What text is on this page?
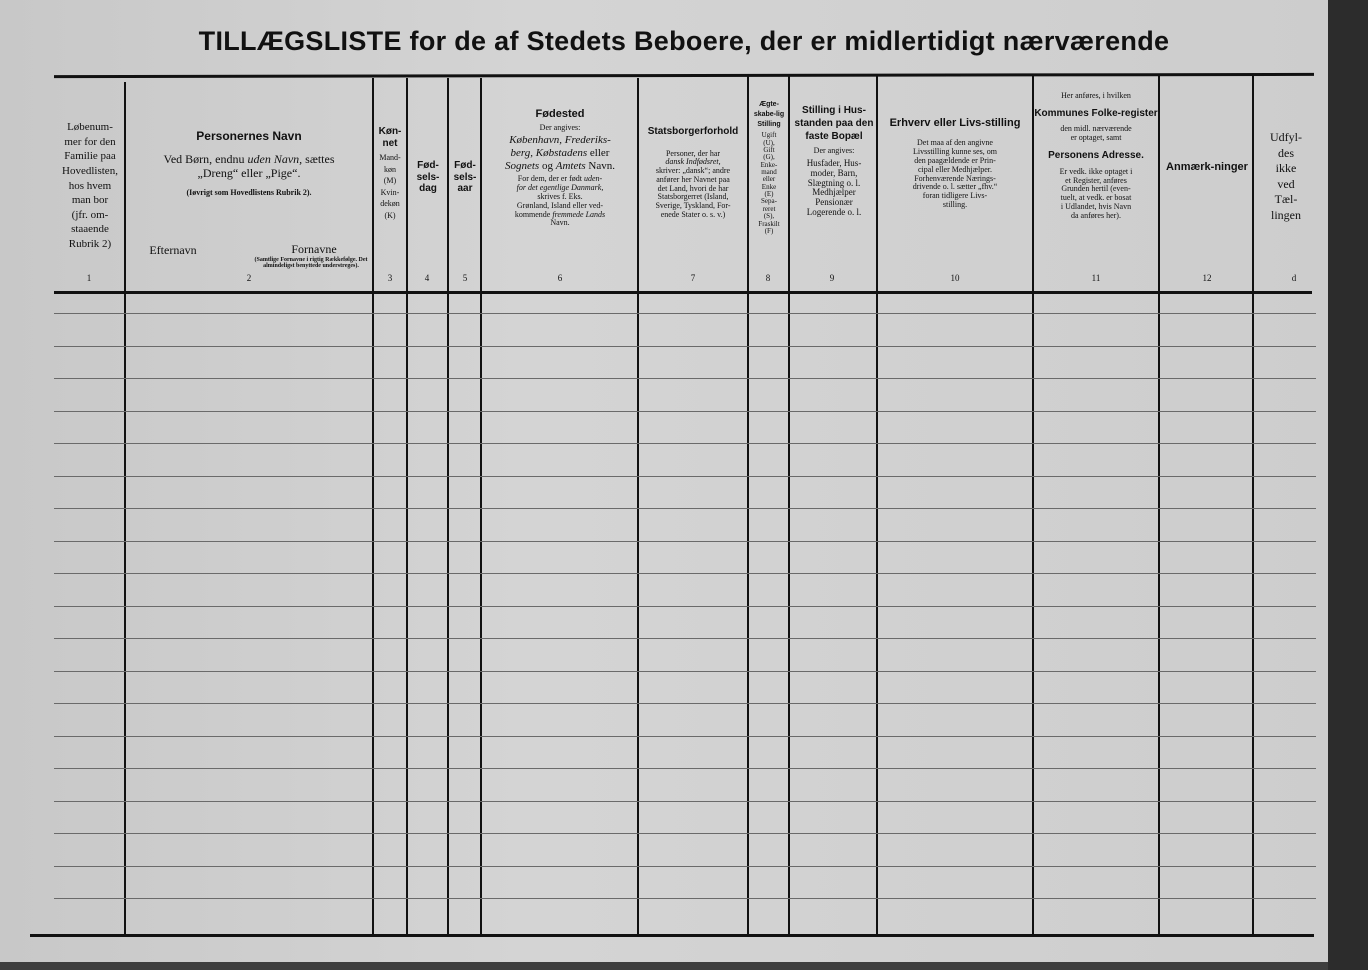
TILLÆGSLISTE for de af Stedets Beboere, der er midlertidigt nærværende
Løbenum-
mer for den
Familie paa
Hovedlisten,
hos hvem
man bor
(jfr. om-
staaende
Rubrik 2)
Personernes Navn
Ved Børn, endnu uden Navn, sættes
„Dreng“ eller „Pige“.

(Iøvrigt som Hovedlistens Rubrik 2).
Efternavn	Fornavne
(Samtlige Fornavne i rigtig Rækkefølge. Det almindeligst benyttede understreges).
Køn-net
Mand-
køn
(M)
Kvin-
dekøn
(K)
Fød-sels-dag
Fød-sels-aar
Fødested
Der angives:
København, Frederiks-
berg, Købstadens eller
Sognets og Amtets Navn.
For dem, der er født uden-
for det egentlige Danmark,
skrives f. Eks.
Grønland, Island eller ved-
kommende fremmede Lands
Navn.
Statsborgerforhold
Personer, der har
dansk Indfødsret,
skriver: „dansk“; andre
anfører her Navnet paa
det Land, hvori de har
Statsborgerret (Island,
Sverige, Tyskland, For-
enede Stater o. s. v.)
Ægte-skabe-lig Stilling
Ugift
(U),
Gift
(G),
Enke-
mand
eller
Enke
(E)
Sepa-
reret
(S),
Fraskilt
(F)
Stilling i Hus-standen paa den faste Bopæl
Der angives:
Husfader, Hus-
moder, Barn,
Slægtning o. l.
Medhjælper
Pensionær
Logerende o. l.
Erhverv eller Livs-stilling
Det maa af den angivne
Livsstilling kunne ses, om
den paagældende er Prin-
cipal eller Medhjælper.
Forhenværende Nærings-
drivende o. l. sætter „fhv.“
foran tidligere Livs-
stilling.
Her anføres, i hvilken
Kommunes Folke-register
den midl. nærværende
er optaget, samt
Personens Adresse.
Er vedk. ikke optaget i
et Register, anføres
Grunden hertil (even-
tuelt, at vedk. er bosat
i Udlandet, hvis Navn
da anføres her).
Anmærk-ninger
Udfyl-
des
ikke
ved
Tæl-
lingen
1	2	3	4	5	6	7	8	9	10	11	12	d
